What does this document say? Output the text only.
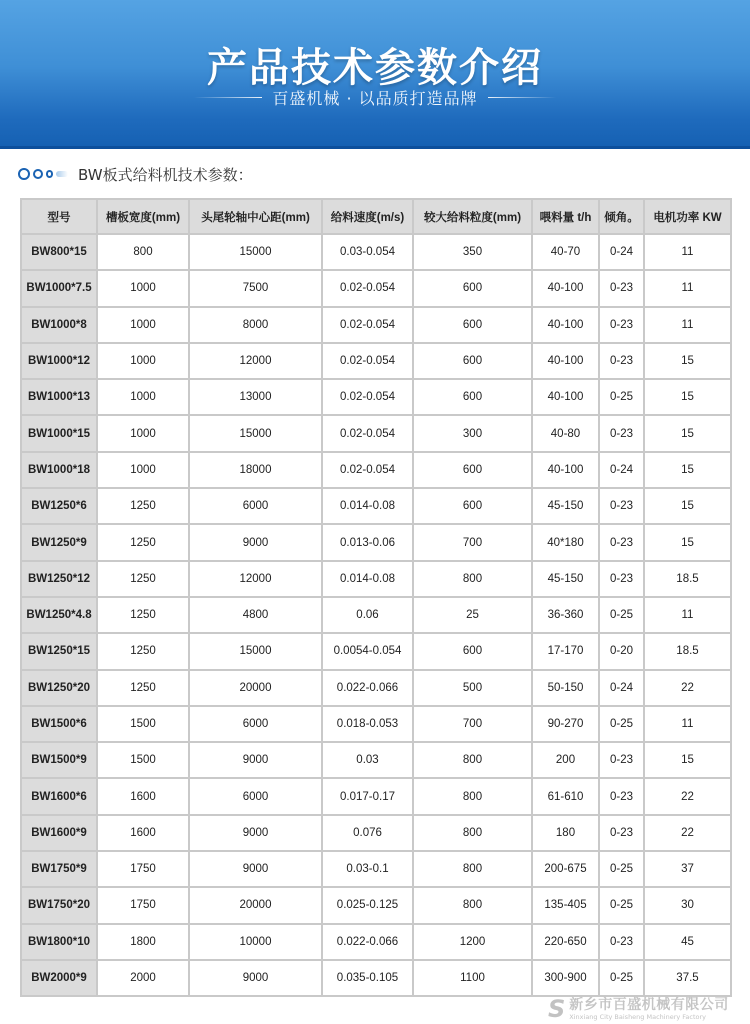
产品技术参数介绍
百盛机械 · 以品质打造品牌
BW板式给料机技术参数：
型号	槽板宽度(mm)	头尾轮轴中心距(mm)	给料速度(m/s)	较大给料粒度(mm)	喂料量 t/h	倾角。	电机功率 KW
BW800*15	800	15000	0.03-0.054	350	40-70	0-24	11
BW1000*7.5	1000	7500	0.02-0.054	600	40-100	0-23	11
BW1000*8	1000	8000	0.02-0.054	600	40-100	0-23	11
BW1000*12	1000	12000	0.02-0.054	600	40-100	0-23	15
BW1000*13	1000	13000	0.02-0.054	600	40-100	0-25	15
BW1000*15	1000	15000	0.02-0.054	300	40-80	0-23	15
BW1000*18	1000	18000	0.02-0.054	600	40-100	0-24	15
BW1250*6	1250	6000	0.014-0.08	600	45-150	0-23	15
BW1250*9	1250	9000	0.013-0.06	700	40*180	0-23	15
BW1250*12	1250	12000	0.014-0.08	800	45-150	0-23	18.5
BW1250*4.8	1250	4800	0.06	25	36-360	0-25	11
BW1250*15	1250	15000	0.0054-0.054	600	17-170	0-20	18.5
BW1250*20	1250	20000	0.022-0.066	500	50-150	0-24	22
BW1500*6	1500	6000	0.018-0.053	700	90-270	0-25	11
BW1500*9	1500	9000	0.03	800	200	0-23	15
BW1600*6	1600	6000	0.017-0.17	800	61-610	0-23	22
BW1600*9	1600	9000	0.076	800	180	0-23	22
BW1750*9	1750	9000	0.03-0.1	800	200-675	0-25	37
BW1750*20	1750	20000	0.025-0.125	800	135-405	0-25	30
BW1800*10	1800	10000	0.022-0.066	1200	220-650	0-23	45
BW2000*9	2000	9000	0.035-0.105	1100	300-900	0-25	37.5
S 新乡市百盛机械有限公司
Xinxiang City Baisheng Machinery Factory
